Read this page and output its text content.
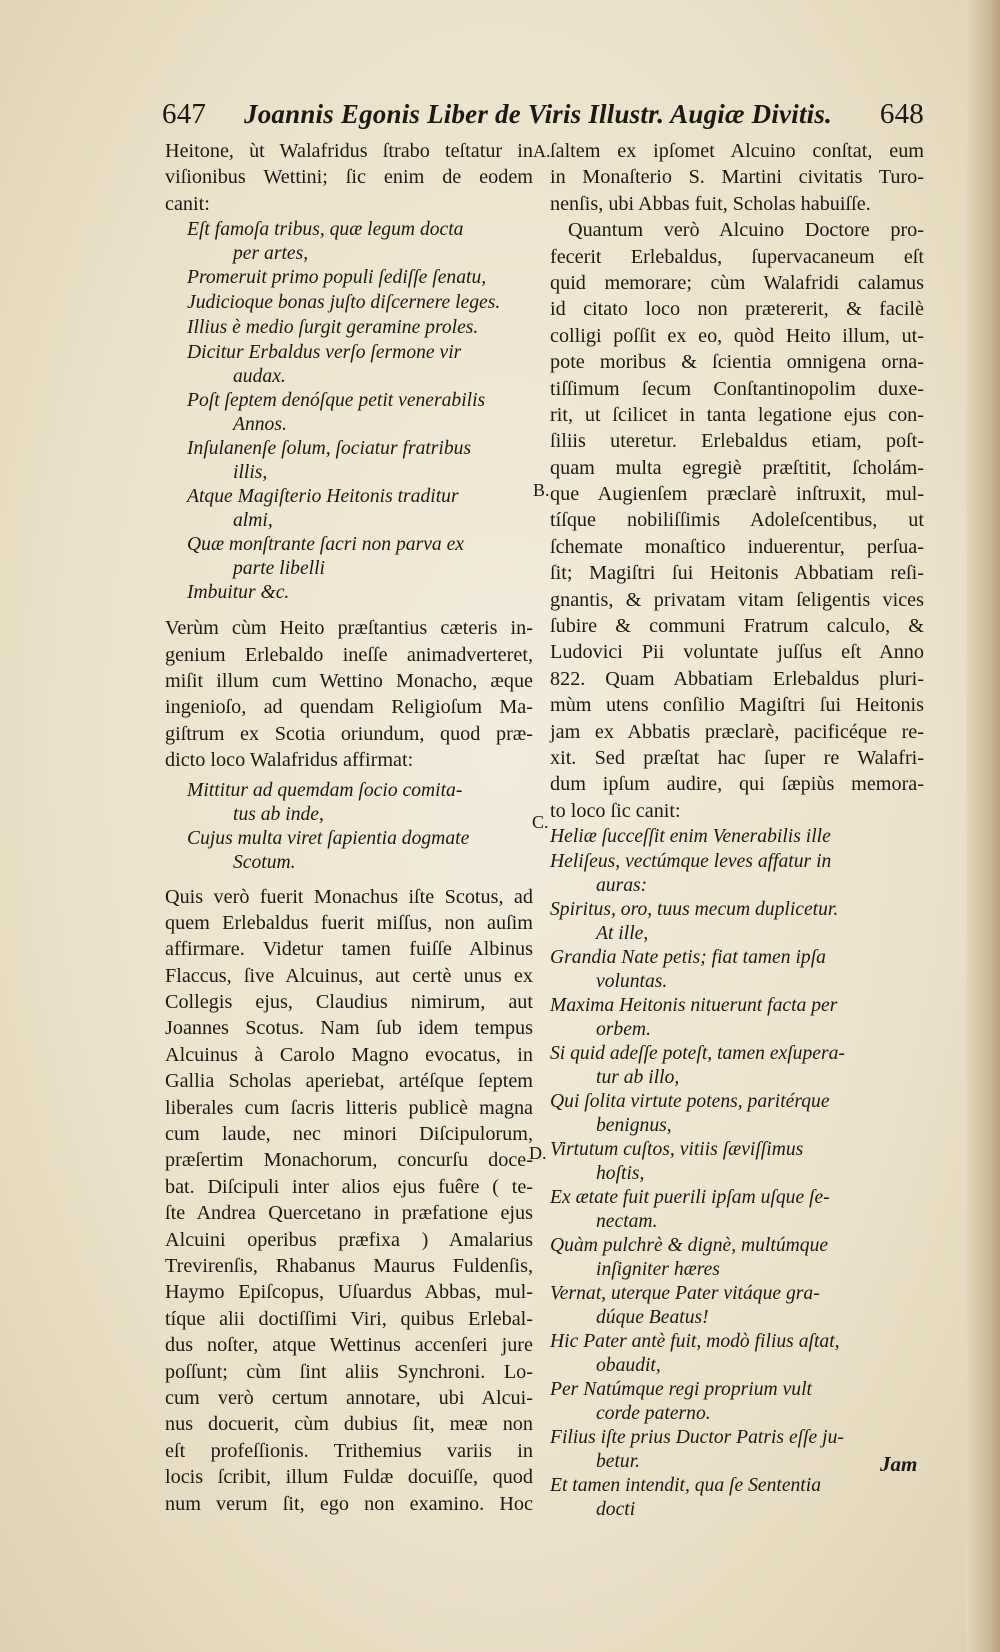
647 Joannis Egonis Liber de Viris Illustr. Augiæ Divitis. 648
Heitone, ùt Walafridus ſtrabo teſtatur in
viſionibus Wettini; ſic enim de eodem
canit:
Eſt famoſa tribus, quæ legum docta
per artes,
Promeruit primo populi ſediſſe ſenatu,
Judicioque bonas juſto diſcernere leges.
Illius è medio ſurgit geramine proles.
Dicitur Erbaldus verſo ſermone vir
audax.
Poſt ſeptem denóſque petit venerabilis
Annos.
Inſulanenſe ſolum, ſociatur fratribus
illis,
Atque Magiſterio Heitonis traditur
almi,
Quæ monſtrante ſacri non parva ex
parte libelli
Imbuitur &c.
Verùm cùm Heito præſtantius cæteris in-
genium Erlebaldo ineſſe animadverteret,
miſit illum cum Wettino Monacho, æque
ingenioſo, ad quendam Religioſum Ma-
giſtrum ex Scotia oriundum, quod præ-
dicto loco Walafridus affirmat:
Mittitur ad quemdam ſocio comita-
tus ab inde,
Cujus multa viret ſapientia dogmate
Scotum.
Quis verò fuerit Monachus iſte Scotus, ad
quem Erlebaldus fuerit miſſus, non auſim
affirmare. Videtur tamen fuiſſe Albinus
Flaccus, ſive Alcuinus, aut certè unus ex
Collegis ejus, Claudius nimirum, aut
Joannes Scotus. Nam ſub idem tempus
Alcuinus à Carolo Magno evocatus, in
Gallia Scholas aperiebat, artéſque ſeptem
liberales cum ſacris litteris publicè magna
cum laude, nec minori Diſcipulorum,
præſertim Monachorum, concurſu doce-
bat. Diſcipuli inter alios ejus fuêre ( te-
ſte Andrea Quercetano in præfatione ejus
Alcuini operibus præfixa ) Amalarius
Trevirenſis, Rhabanus Maurus Fuldenſis,
Haymo Epiſcopus, Uſuardus Abbas, mul-
tíque alii doctiſſimi Viri, quibus Erlebal-
dus noſter, atque Wettinus accenſeri jure
poſſunt; cùm ſint aliis Synchroni. Lo-
cum verò certum annotare, ubi Alcui-
nus docuerit, cùm dubius ſit, meæ non
eſt profeſſionis. Trithemius variis in
locis ſcribit, illum Fuldæ docuiſſe, quod
num verum ſit, ego non examino. Hoc
A.
B.
C.
D.
ſaltem ex ipſomet Alcuino conſtat, eum
in Monaſterio S. Martini civitatis Turo-
nenſis, ubi Abbas fuit, Scholas habuiſſe.
Quantum verò Alcuino Doctore pro-
fecerit Erlebaldus, ſupervacaneum eſt
quid memorare; cùm Walafridi calamus
id citato loco non prætererit, & facilè
colligi poſſit ex eo, quòd Heito illum, ut-
pote moribus & ſcientia omnigena orna-
tiſſimum ſecum Conſtantinopolim duxe-
rit, ut ſcilicet in tanta legatione ejus con-
ſiliis uteretur. Erlebaldus etiam, poſt-
quam multa egregiè præſtitit, ſcholám-
que Augienſem præclarè inſtruxit, mul-
tíſque nobiliſſimis Adoleſcentibus, ut
ſchemate monaſtico induerentur, perſua-
ſit; Magiſtri ſui Heitonis Abbatiam reſi-
gnantis, & privatam vitam ſeligentis vices
ſubire & communi Fratrum calculo, &
Ludovici Pii voluntate juſſus eſt Anno
822. Quam Abbatiam Erlebaldus pluri-
mùm utens conſilio Magiſtri ſui Heitonis
jam ex Abbatis præclarè, pacificéque re-
xit. Sed præſtat hac ſuper re Walafri-
dum ipſum audire, qui ſæpiùs memora-
to loco ſic canit:
Heliæ ſucceſſit enim Venerabilis ille
Heliſeus, vectúmque leves affatur in
auras:
Spiritus, oro, tuus mecum duplicetur.
At ille,
Grandia Nate petis; fiat tamen ipſa
voluntas.
Maxima Heitonis nituerunt facta per
orbem.
Si quid adeſſe poteſt, tamen exſupera-
tur ab illo,
Qui ſolita virtute potens, paritérque
benignus,
Virtutum cuſtos, vitiis ſæviſſimus
hoſtis,
Ex ætate fuit puerili ipſam uſque ſe-
nectam.
Quàm pulchrè & dignè, multúmque
inſigniter hæres
Vernat, uterque Pater vitáque gra-
dúque Beatus!
Hic Pater antè fuit, modò filius aſtat,
obaudit,
Per Natúmque regi proprium vult
corde paterno.
Filius iſte prius Ductor Patris eſſe ju-
betur.
Et tamen intendit, qua ſe Sententia
docti
Jam
